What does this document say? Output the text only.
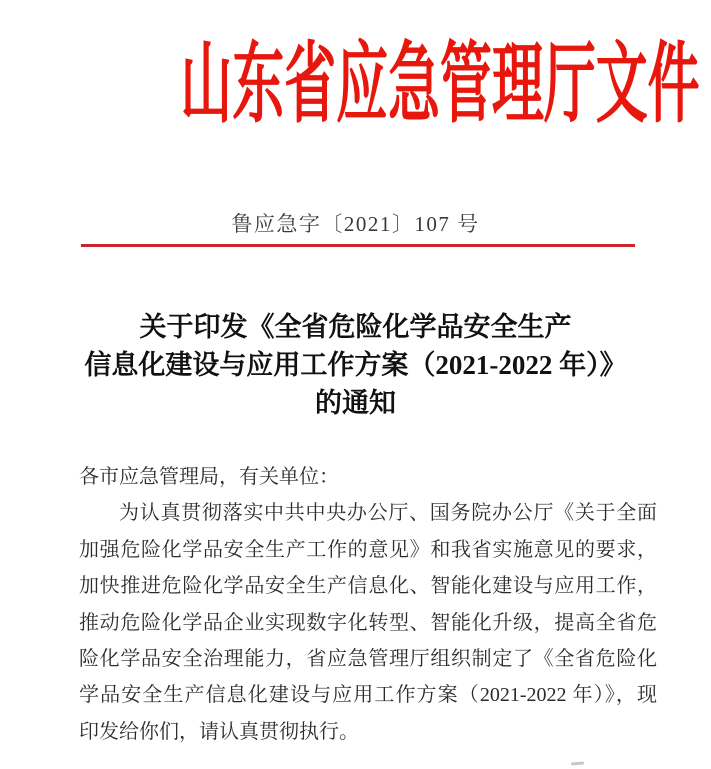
山东省应急管理厅文件
鲁应急字〔2021〕107 号
关于印发《全省危险化学品安全生产
信息化建设与应用工作方案（2021-2022 年）》
的通知
各市应急管理局，有关单位：
为认真贯彻落实中共中央办公厅、国务院办公厅《关于全面
加强危险化学品安全生产工作的意见》和我省实施意见的要求，
加快推进危险化学品安全生产信息化、智能化建设与应用工作，
推动危险化学品企业实现数字化转型、智能化升级，提高全省危
险化学品安全治理能力，省应急管理厅组织制定了《全省危险化
学品安全生产信息化建设与应用工作方案（2021-2022 年）》，现
印发给你们，请认真贯彻执行。
